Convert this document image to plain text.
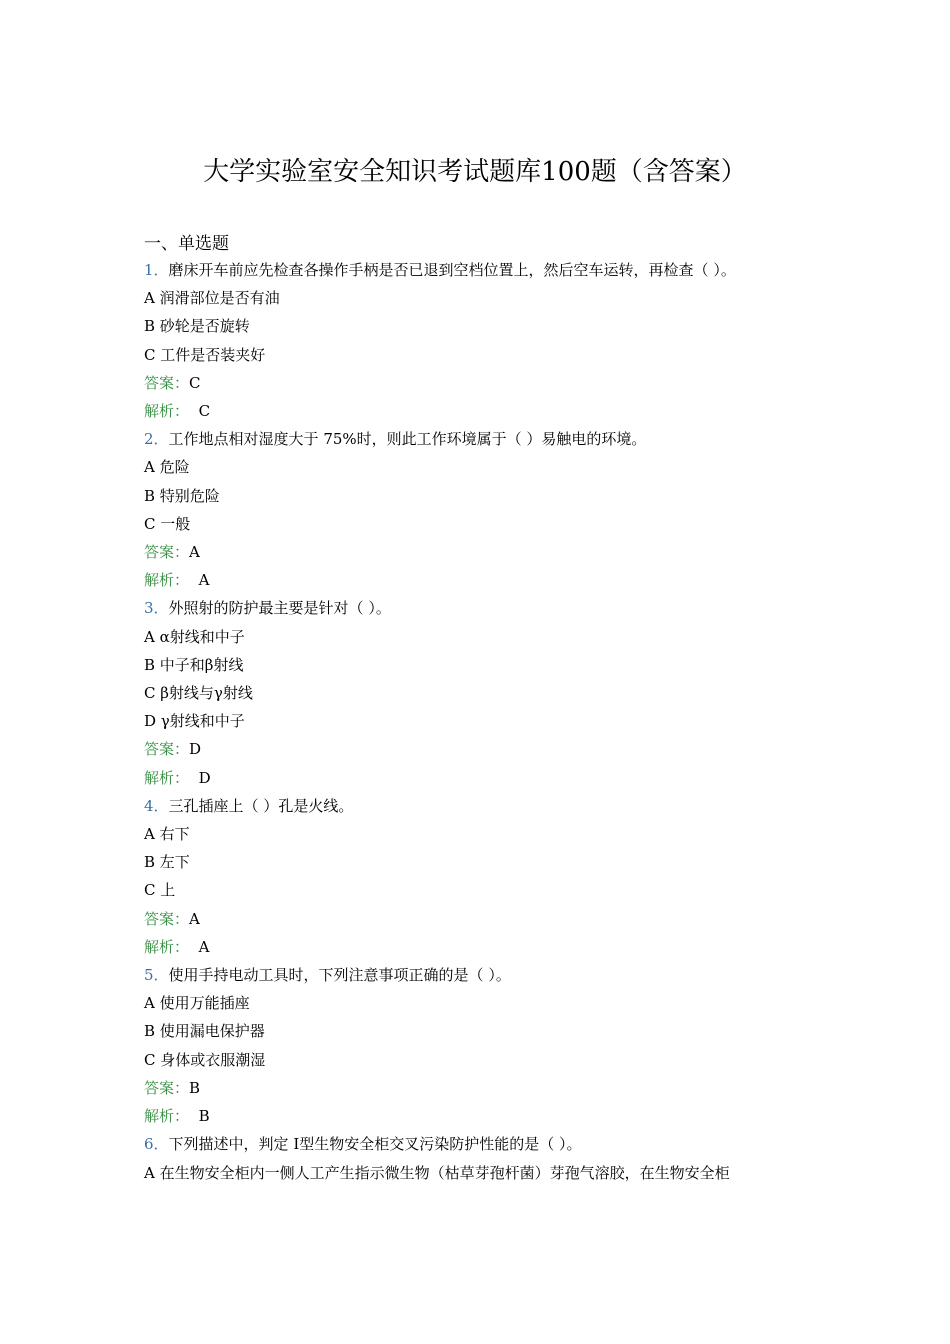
大学实验室安全知识考试题库100题（含答案）
一、单选题
1．磨床开车前应先检查各操作手柄是否已退到空档位置上，然后空车运转，再检查（ ）。
A 润滑部位是否有油
B 砂轮是否旋转
C 工件是否装夹好
答案：C
解析： C
2．工作地点相对湿度大于 75%时，则此工作环境属于（ ）易触电的环境。
A 危险
B 特别危险
C 一般
答案：A
解析： A
3．外照射的防护最主要是针对（ ）。
A α射线和中子
B 中子和β射线
C β射线与γ射线
D γ射线和中子
答案：D
解析： D
4．三孔插座上（ ）孔是火线。
A 右下
B 左下
C 上
答案：A
解析： A
5．使用手持电动工具时，下列注意事项正确的是（ ）。
A 使用万能插座
B 使用漏电保护器
C 身体或衣服潮湿
答案：B
解析： B
6．下列描述中，判定 I型生物安全柜交叉污染防护性能的是（ ）。
A 在生物安全柜内一侧人工产生指示微生物（枯草芽孢杆菌）芽孢气溶胶，在生物安全柜
